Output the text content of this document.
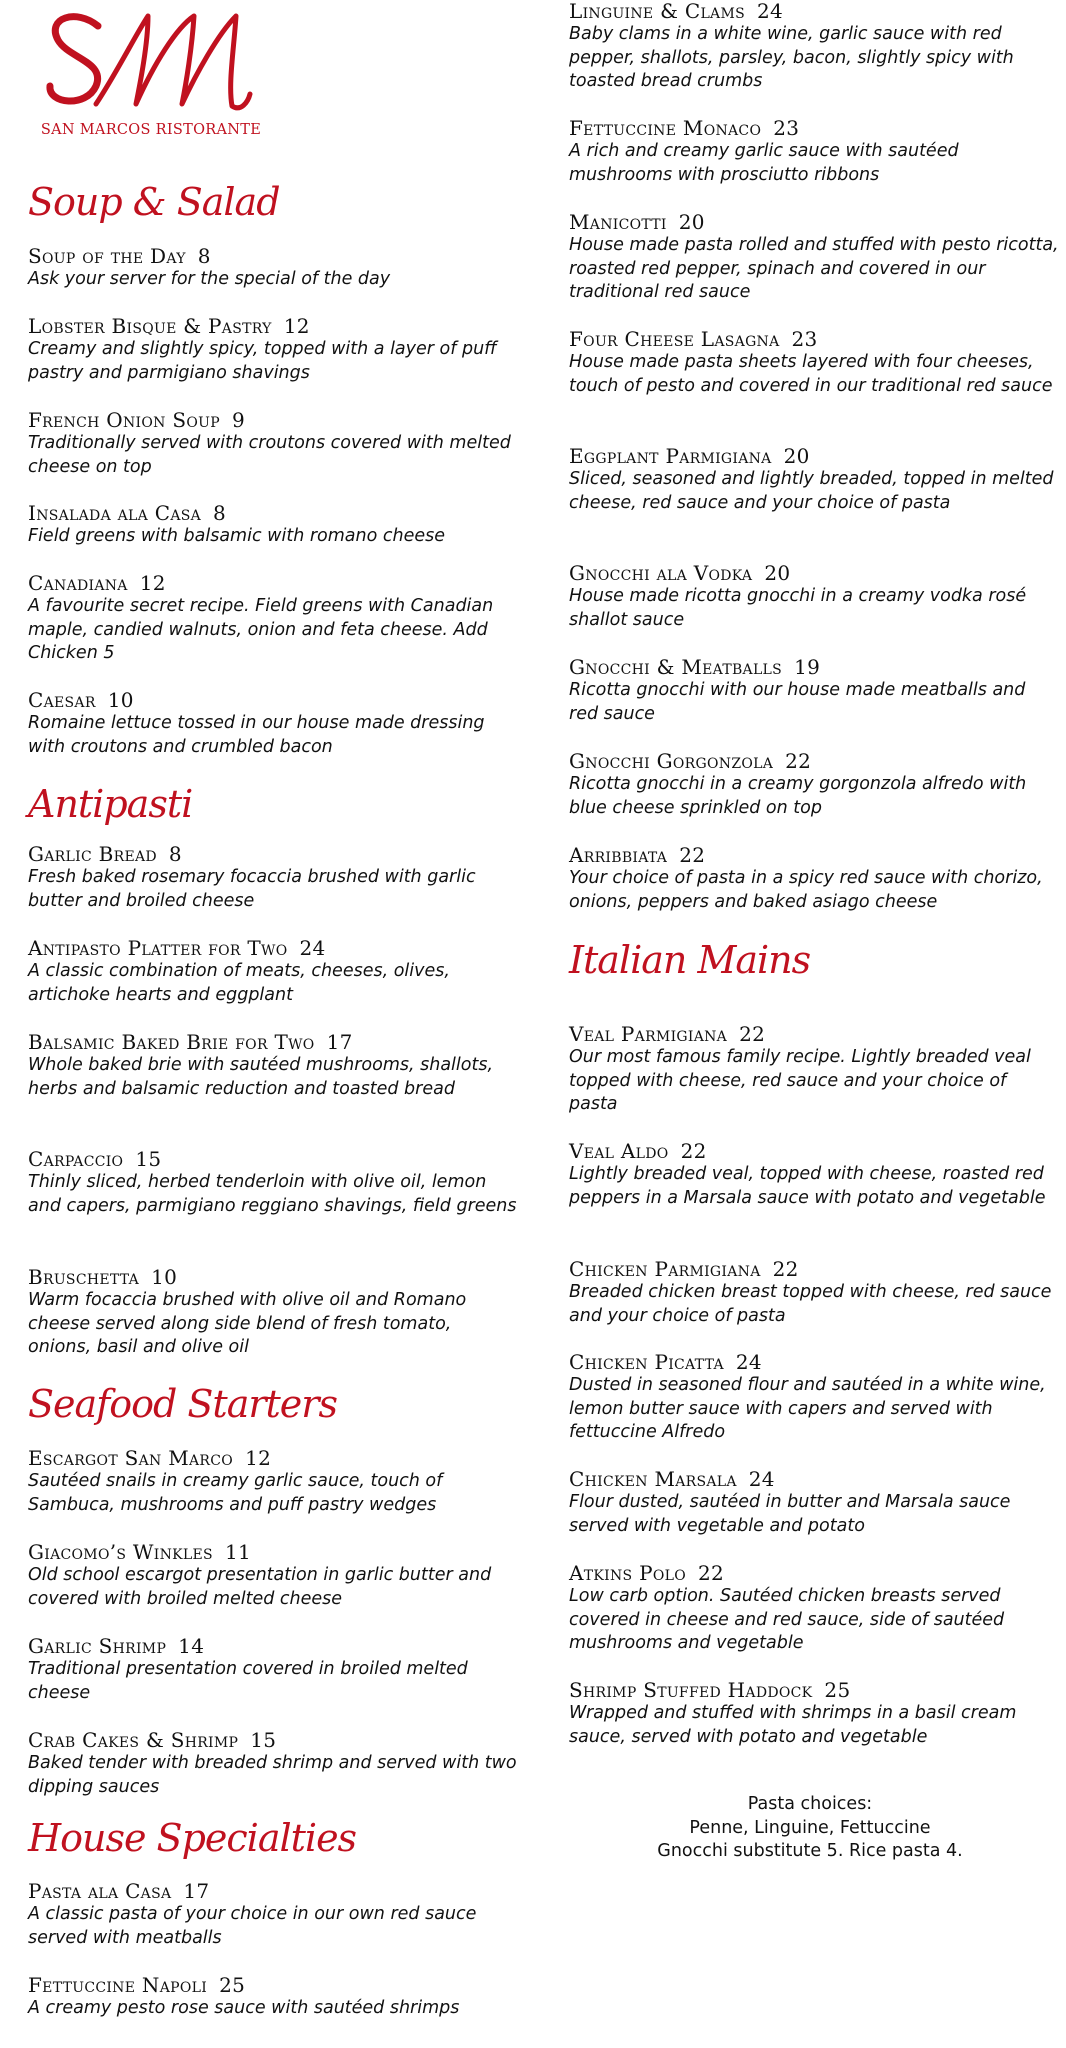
SAN MARCOS RISTORANTE
Soup & Salad
Soup of the Day 8
Ask your server for the special of the day
Lobster Bisque & Pastry 12
Creamy and slightly spicy, topped with a layer of puff pastry and parmigiano shavings
French Onion Soup 9
Traditionally served with croutons covered with melted cheese on top
Insalada ala Casa 8
Field greens with balsamic with romano cheese
Canadiana 12
A favourite secret recipe. Field greens with Canadian maple, candied walnuts, onion and feta cheese. Add Chicken 5
Caesar 10
Romaine lettuce tossed in our house made dressing with croutons and crumbled bacon
Antipasti
Garlic Bread 8
Fresh baked rosemary focaccia brushed with garlic butter and broiled cheese
Antipasto Platter for Two 24
A classic combination of meats, cheeses, olives, artichoke hearts and eggplant
Balsamic Baked Brie for Two 17
Whole baked brie with sautéed mushrooms, shallots, herbs and balsamic reduction and toasted bread
Carpaccio 15
Thinly sliced, herbed tenderloin with olive oil, lemon and capers, parmigiano reggiano shavings, field greens
Bruschetta 10
Warm focaccia brushed with olive oil and Romano cheese served along side blend of fresh tomato, onions, basil and olive oil
Seafood Starters
Escargot San Marco 12
Sautéed snails in creamy garlic sauce, touch of Sambuca, mushrooms and puff pastry wedges
Giacomo’s Winkles 11
Old school escargot presentation in garlic butter and covered with broiled melted cheese
Garlic Shrimp 14
Traditional presentation covered in broiled melted cheese
Crab Cakes & Shrimp 15
Baked tender with breaded shrimp and served with two dipping sauces
House Specialties
Pasta ala Casa 17
A classic pasta of your choice in our own red sauce served with meatballs
Fettuccine Napoli 25
A creamy pesto rose sauce with sautéed shrimps
Linguine & Clams 24
Baby clams in a white wine, garlic sauce with red pepper, shallots, parsley, bacon, slightly spicy with toasted bread crumbs
Fettuccine Monaco 23
A rich and creamy garlic sauce with sautéed mushrooms with prosciutto ribbons
Manicotti 20
House made pasta rolled and stuffed with pesto ricotta, roasted red pepper, spinach and covered in our traditional red sauce
Four Cheese Lasagna 23
House made pasta sheets layered with four cheeses, touch of pesto and covered in our traditional red sauce
Eggplant Parmigiana 20
Sliced, seasoned and lightly breaded, topped in melted cheese, red sauce and your choice of pasta
Gnocchi ala Vodka 20
House made ricotta gnocchi in a creamy vodka rosé shallot sauce
Gnocchi & Meatballs 19
Ricotta gnocchi with our house made meatballs and red sauce
Gnocchi Gorgonzola 22
Ricotta gnocchi in a creamy gorgonzola alfredo with blue cheese sprinkled on top
Arribbiata 22
Your choice of pasta in a spicy red sauce with chorizo, onions, peppers and baked asiago cheese
Italian Mains
Veal Parmigiana 22
Our most famous family recipe. Lightly breaded veal topped with cheese, red sauce and your choice of pasta
Veal Aldo 22
Lightly breaded veal, topped with cheese, roasted red peppers in a Marsala sauce with potato and vegetable
Chicken Parmigiana 22
Breaded chicken breast topped with cheese, red sauce and your choice of pasta
Chicken Picatta 24
Dusted in seasoned flour and sautéed in a white wine, lemon butter sauce with capers and served with fettuccine Alfredo
Chicken Marsala 24
Flour dusted, sautéed in butter and Marsala sauce served with vegetable and potato
Atkins Polo 22
Low carb option. Sautéed chicken breasts served covered in cheese and red sauce, side of sautéed mushrooms and vegetable
Shrimp Stuffed Haddock 25
Wrapped and stuffed with shrimps in a basil cream sauce, served with potato and vegetable
Pasta choices:
Penne, Linguine, Fettuccine
Gnocchi substitute 5. Rice pasta 4.
